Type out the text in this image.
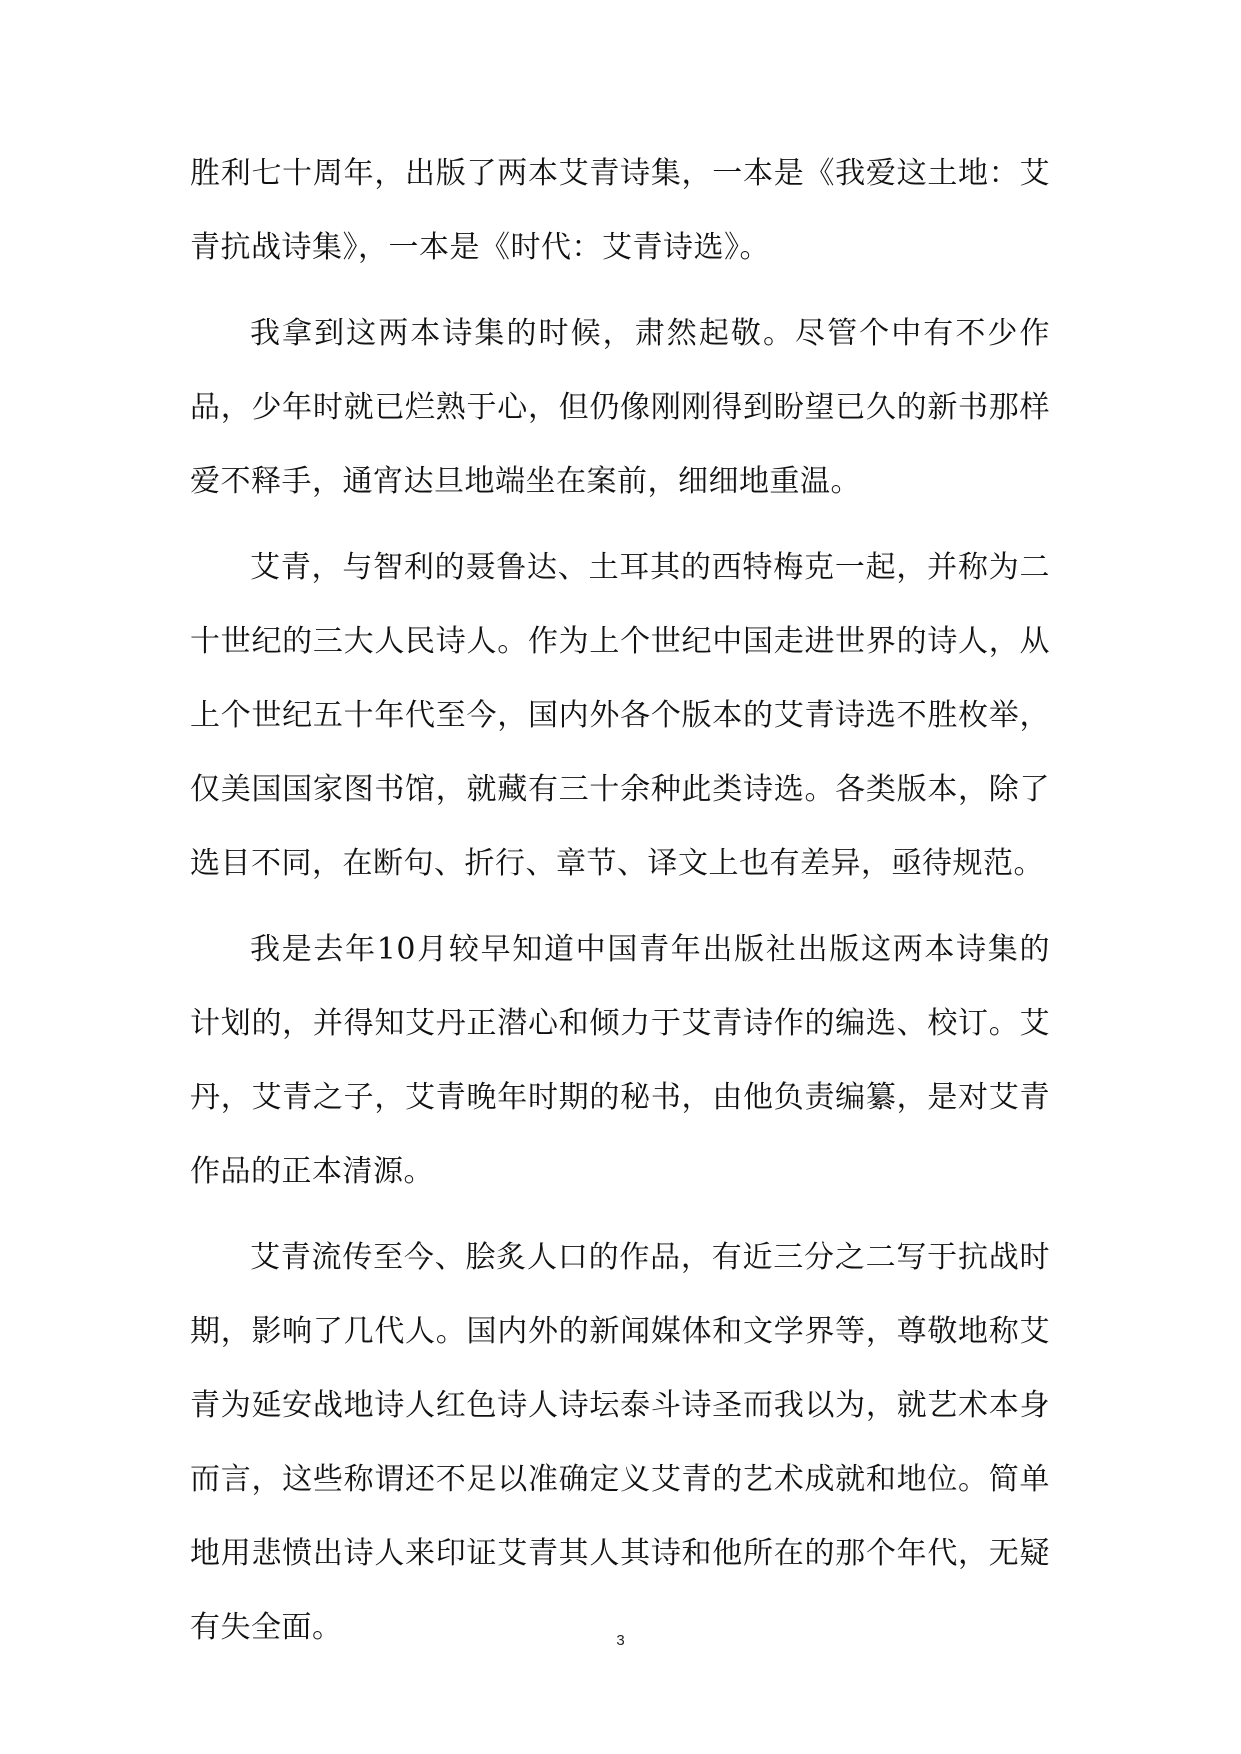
胜利七十周年，出版了两本艾青诗集，一本是《我爱这土地：艾青抗战诗集》，一本是《时代：艾青诗选》。

我拿到这两本诗集的时候，肃然起敬。尽管个中有不少作品，少年时就已烂熟于心，但仍像刚刚得到盼望已久的新书那样爱不释手，通宵达旦地端坐在案前，细细地重温。

艾青，与智利的聂鲁达、土耳其的西特梅克一起，并称为二十世纪的三大人民诗人。作为上个世纪中国走进世界的诗人，从上个世纪五十年代至今，国内外各个版本的艾青诗选不胜枚举，仅美国国家图书馆，就藏有三十余种此类诗选。各类版本，除了选目不同，在断句、折行、章节、译文上也有差异，亟待规范。

我是去年10月较早知道中国青年出版社出版这两本诗集的计划的，并得知艾丹正潜心和倾力于艾青诗作的编选、校订。艾丹，艾青之子，艾青晚年时期的秘书，由他负责编纂，是对艾青作品的正本清源。

艾青流传至今、脍炙人口的作品，有近三分之二写于抗战时期，影响了几代人。国内外的新闻媒体和文学界等，尊敬地称艾青为延安战地诗人红色诗人诗坛泰斗诗圣而我以为，就艺术本身而言，这些称谓还不足以准确定义艾青的艺术成就和地位。简单地用悲愤出诗人来印证艾青其人其诗和他所在的那个年代，无疑有失全面。	3
